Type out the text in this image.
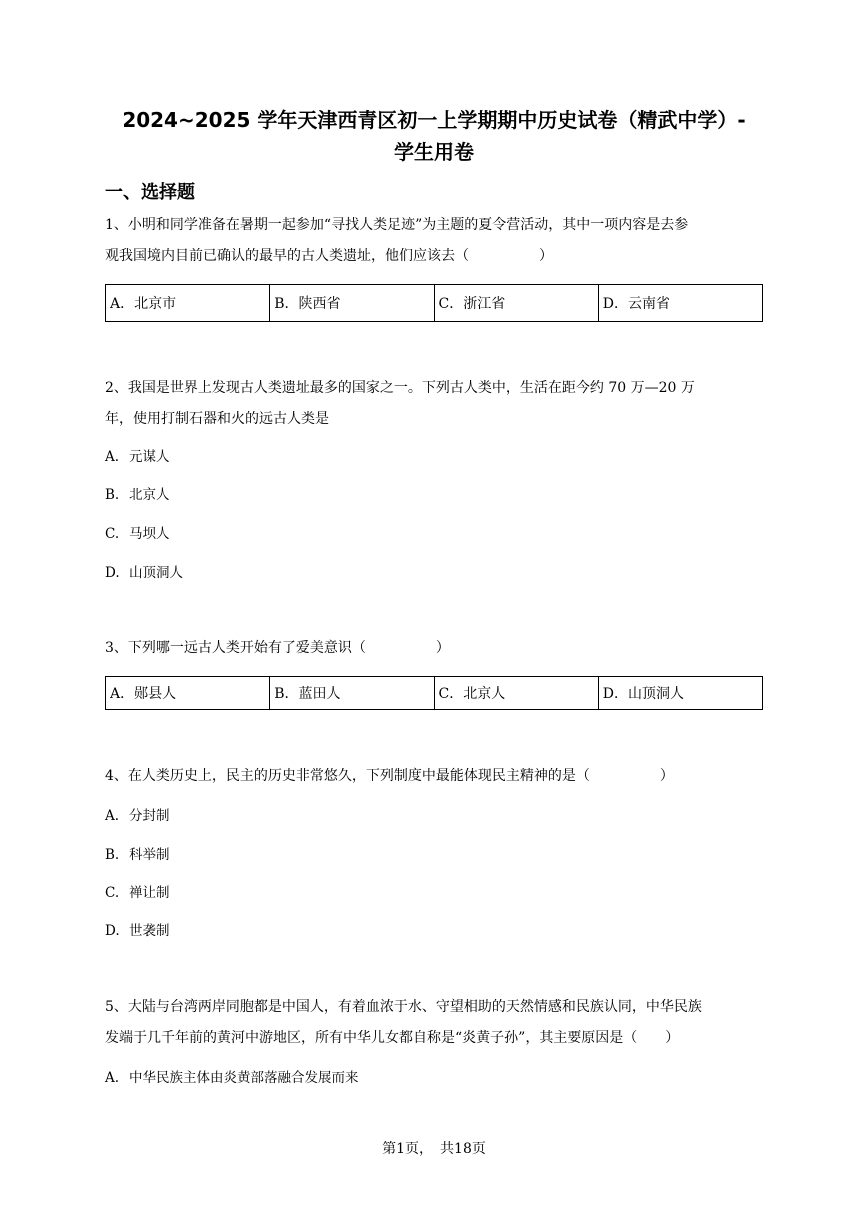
2024~2025 学年天津西青区初一上学期期中历史试卷（精武中学）-
学生用卷
一、选择题
1、小明和同学准备在暑期一起参加“寻找人类足迹”为主题的夏令营活动，其中一项内容是去参
观我国境内目前已确认的最早的古人类遗址，他们应该去（　　　　　）
A．北京市	B．陕西省	C．浙江省	D．云南省
2、我国是世界上发现古人类遗址最多的国家之一。下列古人类中，生活在距今约 70 万—20 万
年，使用打制石器和火的远古人类是
A. 元谋人
B. 北京人
C. 马坝人
D. 山顶洞人
3、下列哪一远古人类开始有了爱美意识（　　　　　）
A．郧县人	B．蓝田人	C．北京人	D．山顶洞人
4、在人类历史上，民主的历史非常悠久，下列制度中最能体现民主精神的是（　　　　　）
A. 分封制
B. 科举制
C. 禅让制
D. 世袭制
5、大陆与台湾两岸同胞都是中国人，有着血浓于水、守望相助的天然情感和民族认同，中华民族
发端于几千年前的黄河中游地区，所有中华儿女都自称是“炎黄子孙”，其主要原因是（　　）
A. 中华民族主体由炎黄部落融合发展而来
第1页，　共18页
